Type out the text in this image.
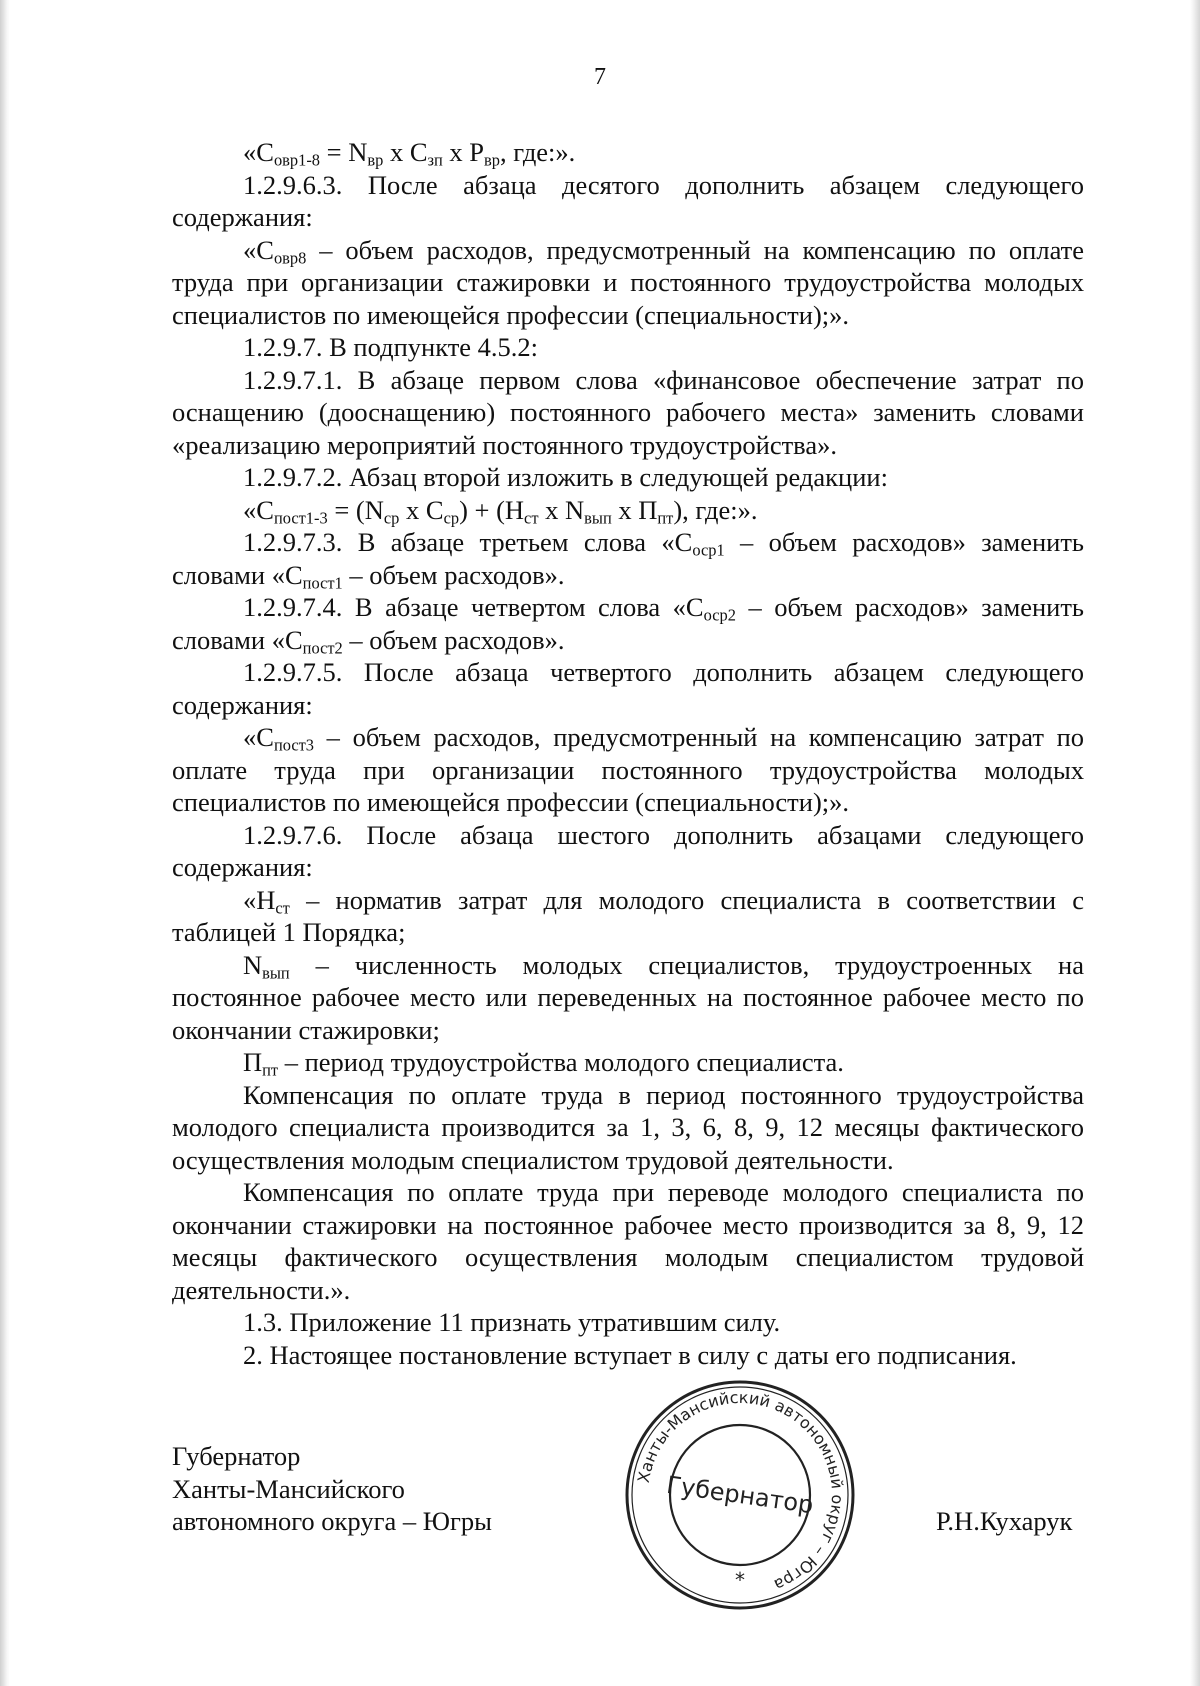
7

«$С_{овр1-8} = N_{вр}$ x $С_{зп}$ x $Р_{вр}$, где:».

1.2.9.6.3. После абзаца десятого дополнить абзацем следующего содержания:

«$С_{овр8}$ – объем расходов, предусмотренный на компенсацию по оплате труда при организации стажировки и постоянного трудоустройства молодых специалистов по имеющейся профессии (специальности);».

1.2.9.7. В подпункте 4.5.2:

1.2.9.7.1. В абзаце первом слова «финансовое обеспечение затрат по оснащению (дооснащению) постоянного рабочего места» заменить словами «реализацию мероприятий постоянного трудоустройства».

1.2.9.7.2. Абзац второй изложить в следующей редакции:

«$С_{пост1-3} = (N_{ср}$ x $С_{ср}) + (Н_{ст}$ x $N_{вып}$ x $П_{пт}$), где:».

1.2.9.7.3. В абзаце третьем слова «$С_{оср1}$ – объем расходов» заменить словами «$С_{пост1}$ – объем расходов».

1.2.9.7.4. В абзаце четвертом слова «$С_{оср2}$ – объем расходов» заменить словами «$С_{пост2}$ – объем расходов».

1.2.9.7.5. После абзаца четвертого дополнить абзацем следующего содержания:

«$С_{пост3}$ – объем расходов, предусмотренный на компенсацию затрат по оплате труда при организации постоянного трудоустройства молодых специалистов по имеющейся профессии (специальности);».

1.2.9.7.6. После абзаца шестого дополнить абзацами следующего содержания:

«$Н_{ст}$ – норматив затрат для молодого специалиста в соответствии с таблицей 1 Порядка;

$N_{вып}$ – численность молодых специалистов, трудоустроенных на постоянное рабочее место или переведенных на постоянное рабочее место по окончании стажировки;

$П_{пт}$ – период трудоустройства молодого специалиста.

Компенсация по оплате труда в период постоянного трудоустройства молодого специалиста производится за 1, 3, 6, 8, 9, 12 месяцы фактического осуществления молодым специалистом трудовой деятельности.

Компенсация по оплате труда при переводе молодого специалиста по окончании стажировки на постоянное рабочее место производится за 8, 9, 12 месяцы фактического осуществления молодым специалистом трудовой деятельности.».

1.3. Приложение 11 признать утратившим силу.

2. Настоящее постановление вступает в силу с даты его подписания.

Губернатор
Ханты-Мансийского
автономного округа – Югры	Р.Н.Кухарук
Ханты-Мансийский автономный округ – Югра
Губернатор
*
